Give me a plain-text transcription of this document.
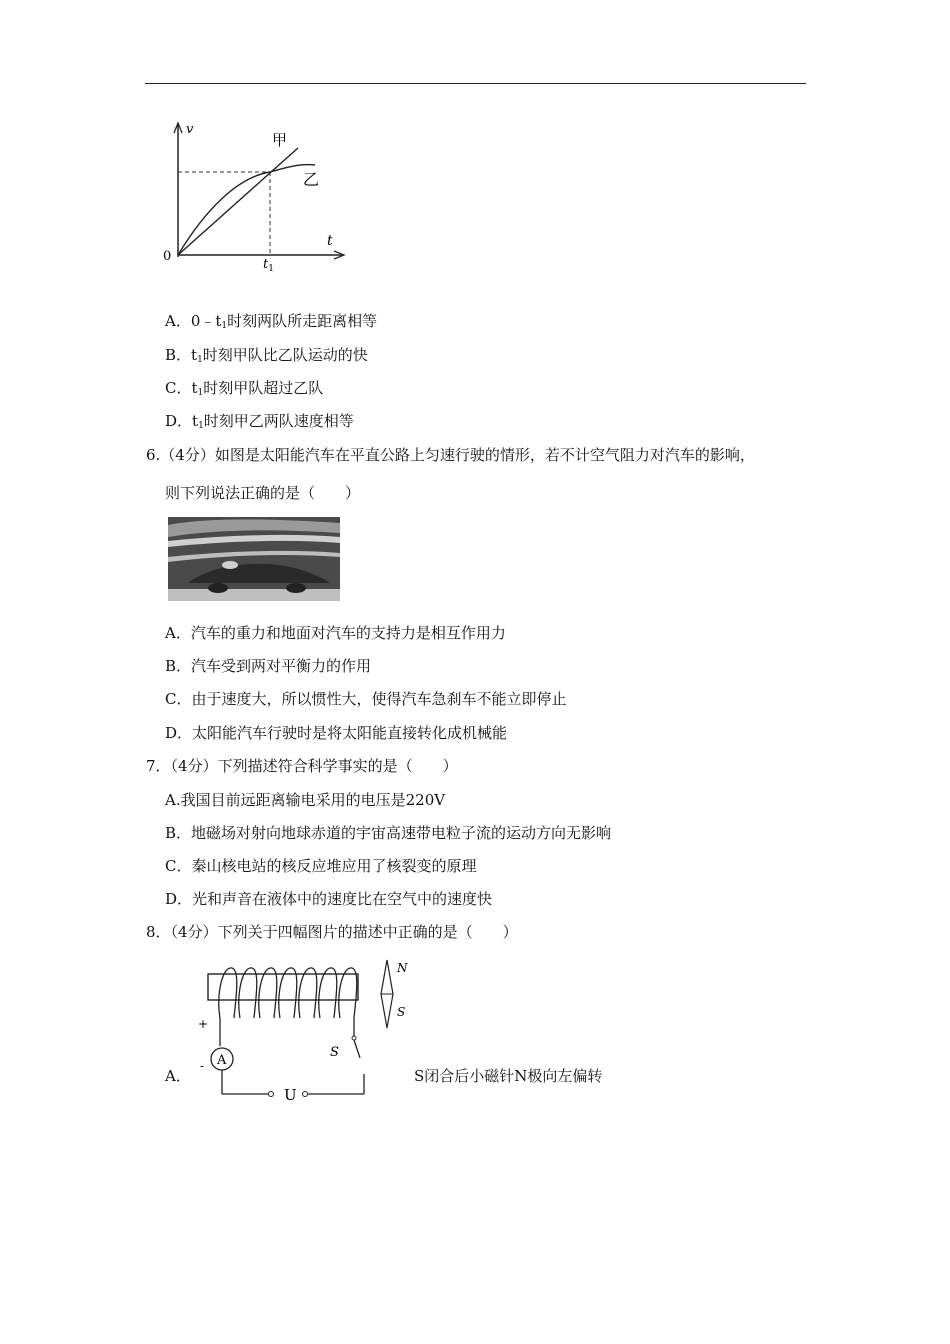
v
t
0
甲
乙
$t_1$
A．$0﹣t_1$时刻两队所走距离相等
B．$t_1$时刻甲队比乙队运动的快
C．$t_1$时刻甲队超过乙队
D．$t_1$时刻甲乙两队速度相等
6.（4分）如图是太阳能汽车在平直公路上匀速行驶的情形，若不计空气阻力对汽车的影响，
则下列说法正确的是（　　）
A．汽车的重力和地面对汽车的支持力是相互作用力
B．汽车受到两对平衡力的作用
C．由于速度大，所以惯性大，使得汽车急刹车不能立即停止
D．太阳能汽车行驶时是将太阳能直接转化成机械能
7．（4分）下列描述符合科学事实的是（　　）
A.我国目前远距离输电采用的电压是220V
B．地磁场对射向地球赤道的宇宙高速带电粒子流的运动方向无影响
C．秦山核电站的核反应堆应用了核裂变的原理
D．光和声音在液体中的速度比在空气中的速度快
8．（4分）下列关于四幅图片的描述中正确的是（　　）
A
+
-
S
N
S
U
A．	S闭合后小磁针N极向左偏转
